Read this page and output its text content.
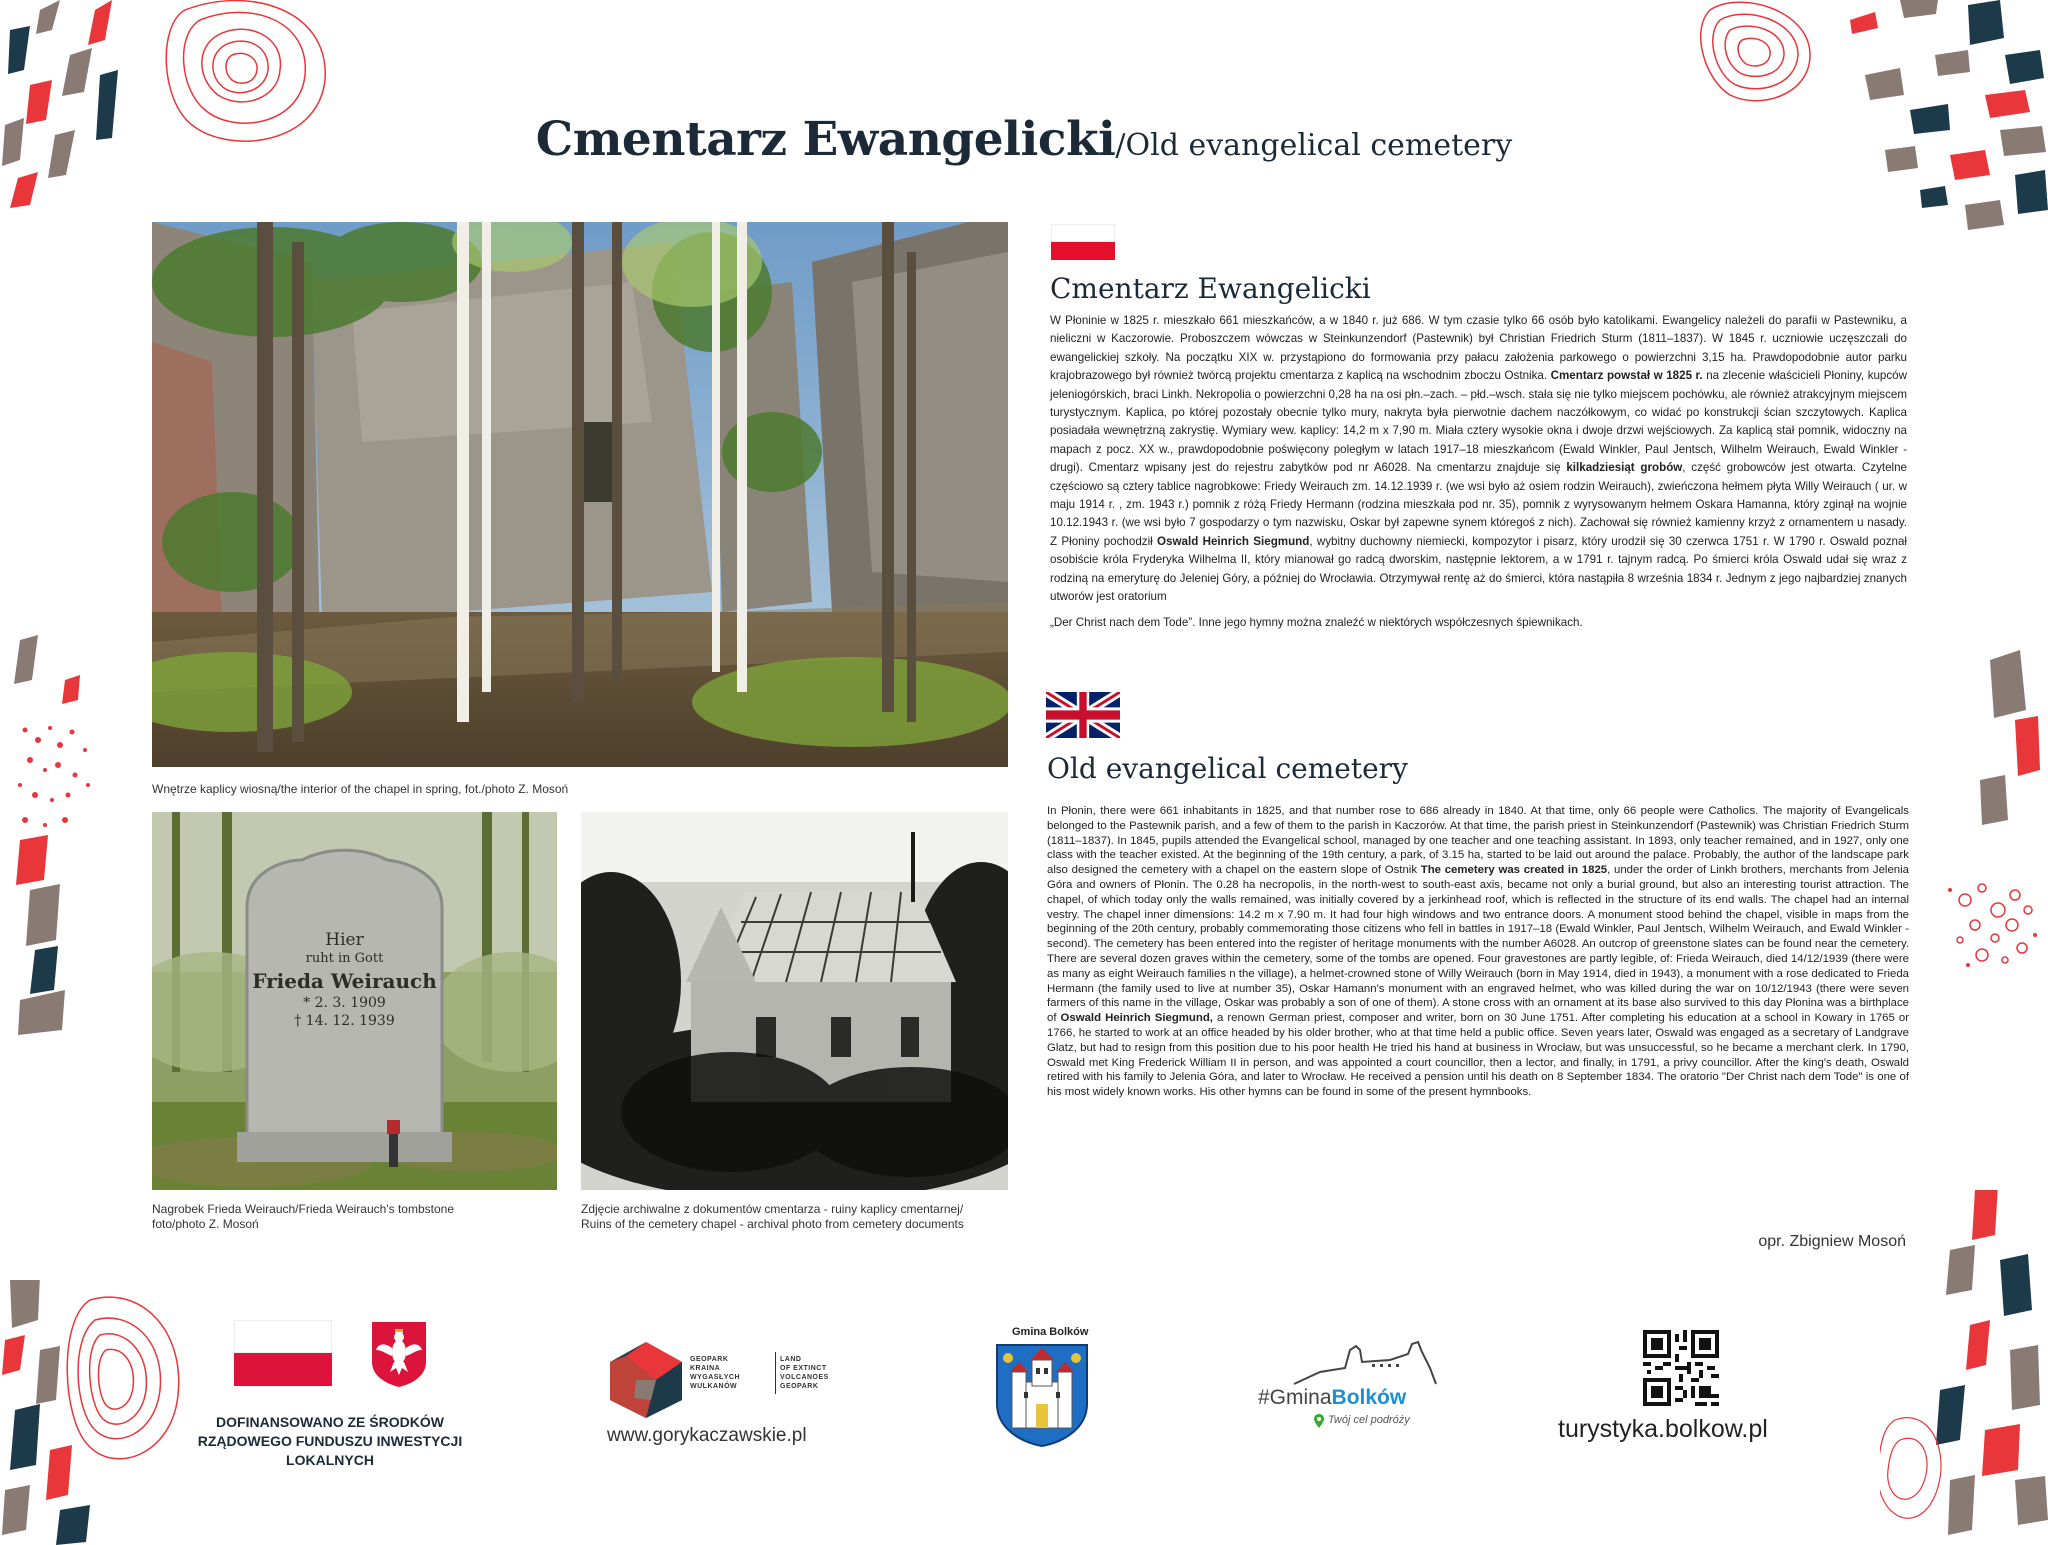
Cmentarz Ewangelicki/Old evangelical cemetery
Wnętrze kaplicy wiosną/the interior of the chapel in spring, fot./photo Z. Mosoń
Hier
ruht in Gott
Frieda Weirauch
* 2. 3. 1909
† 14. 12. 1939
Nagrobek Frieda Weirauch/Frieda Weirauch's tombstone
foto/photo Z. Mosoń
Zdjęcie archiwalne z dokumentów cmentarza - ruiny kaplicy cmentarnej/
Ruins of the cemetery chapel - archival photo from cemetery documents
Cmentarz Ewangelicki

W Płoninie w 1825 r. mieszkało 661 mieszkańców, a w 1840 r. już 686. W tym czasie tylko 66 osób było katolikami. Ewangelicy należeli do parafii w Pastewniku, a nieliczni w Kaczorowie. Proboszczem wówczas w Steinkunzendorf (Pastewnik) był Christian Friedrich Sturm (1811–1837). W 1845 r. uczniowie uczęszczali do ewangelickiej szkoły. Na początku XIX w. przystąpiono do formowania przy pałacu założenia parkowego o powierzchni 3,15 ha. Prawdopodobnie autor parku krajobrazowego był również twórcą projektu cmentarza z kaplicą na wschodnim zboczu Ostnika. Cmentarz powstał w 1825 r. na zlecenie właścicieli Płoniny, kupców jeleniogórskich, braci Linkh. Nekropolia o powierzchni 0,28 ha na osi płn.–zach. – płd.–wsch. stała się nie tylko miejscem pochówku, ale również atrakcyjnym miejscem turystycznym. Kaplica, po której pozostały obecnie tylko mury, nakryta była pierwotnie dachem naczółkowym, co widać po konstrukcji ścian szczytowych. Kaplica posiadała wewnętrzną zakrystię. Wymiary wew. kaplicy: 14,2 m x 7,90 m. Miała cztery wysokie okna i dwoje drzwi wejściowych. Za kaplicą stał pomnik, widoczny na mapach z pocz. XX w., prawdopodobnie poświęcony poległym w latach 1917–18 mieszkańcom (Ewald Winkler, Paul Jentsch, Wilhelm Weirauch, Ewald Winkler - drugi). Cmentarz wpisany jest do rejestru zabytków pod nr A6028. Na cmentarzu znajduje się kilkadziesiąt grobów, część grobowców jest otwarta. Czytelne częściowo są cztery tablice nagrobkowe: Friedy Weirauch zm. 14.12.1939 r. (we wsi było aż osiem rodzin Weirauch), zwieńczona hełmem płyta Willy Weirauch ( ur. w maju 1914 r. , zm. 1943 r.) pomnik z różą Friedy Hermann (rodzina mieszkała pod nr. 35), pomnik z wyrysowanym hełmem Oskara Hamanna, który zginął na wojnie 10.12.1943 r. (we wsi było 7 gospodarzy o tym nazwisku, Oskar był zapewne synem któregoś z nich). Zachował się również kamienny krzyż z ornamentem u nasady. Z Płoniny pochodził Oswald Heinrich Siegmund, wybitny duchowny niemiecki, kompozytor i pisarz, który urodził się 30 czerwca 1751 r. W 1790 r. Oswald poznał osobiście króla Fryderyka Wilhelma II, który mianował go radcą dworskim, następnie lektorem, a w 1791 r. tajnym radcą. Po śmierci króla Oswald udał się wraz z rodziną na emeryturę do Jeleniej Góry, a później do Wrocławia. Otrzymywał rentę aż do śmierci, która nastąpiła 8 września 1834 r. Jednym z jego najbardziej znanych utworów jest oratorium

„Der Christ nach dem Tode”. Inne jego hymny można znaleźć w niektórych współczesnych śpiewnikach.

Old evangelical cemetery

In Płonin, there were 661 inhabitants in 1825, and that number rose to 686 already in 1840. At that time, only 66 people were Catholics. The majority of Evangelicals belonged to the Pastewnik parish, and a few of them to the parish in Kaczorów. At that time, the parish priest in Steinkunzendorf (Pastewnik) was Christian Friedrich Sturm (1811–1837). In 1845, pupils attended the Evangelical school, managed by one teacher and one teaching assistant. In 1893, only teacher remained, and in 1927, only one class with the teacher existed. At the beginning of the 19th century, a park, of 3.15 ha, started to be laid out around the palace. Probably, the author of the landscape park also designed the cemetery with a chapel on the eastern slope of Ostnik The cemetery was created in 1825, under the order of Linkh brothers, merchants from Jelenia Góra and owners of Płonin. The 0.28 ha necropolis, in the north-west to south-east axis, became not only a burial ground, but also an interesting tourist attraction. The chapel, of which today only the walls remained, was initially covered by a jerkinhead roof, which is reflected in the structure of its end walls. The chapel had an internal vestry. The chapel inner dimensions: 14.2 m x 7.90 m. It had four high windows and two entrance doors. A monument stood behind the chapel, visible in maps from the beginning of the 20th century, probably commemorating those citizens who fell in battles in 1917–18 (Ewald Winkler, Paul Jentsch, Wilhelm Weirauch, and Ewald Winkler - second). The cemetery has been entered into the register of heritage monuments with the number A6028. An outcrop of greenstone slates can be found near the cemetery. There are several dozen graves within the cemetery, some of the tombs are opened. Four gravestones are partly legible, of: Frieda Weirauch, died 14/12/1939 (there were as many as eight Weirauch families n the village), a helmet-crowned stone of Willy Weirauch (born in May 1914, died in 1943), a monument with a rose dedicated to Frieda Hermann (the family used to live at number 35), Oskar Hamann's monument with an engraved helmet, who was killed during the war on 10/12/1943 (there were seven farmers of this name in the village, Oskar was probably a son of one of them). A stone cross with an ornament at its base also survived to this day Płonina was a birthplace of Oswald Heinrich Siegmund, a renown German priest, composer and writer, born on 30 June 1751. After completing his education at a school in Kowary in 1765 or 1766, he started to work at an office headed by his older brother, who at that time held a public office. Seven years later, Oswald was engaged as a secretary of Landgrave Glatz, but had to resign from this position due to his poor health He tried his hand at business in Wrocław, but was unsuccessful, so he became a merchant clerk. In 1790, Oswald met King Frederick William II in person, and was appointed a court councillor, then a lector, and finally, in 1791, a privy councillor. After the king's death, Oswald retired with his family to Jelenia Góra, and later to Wrocław. He received a pension until his death on 8 September 1834. The oratorio "Der Christ nach dem Tode" is one of his most widely known works. His other hymns can be found in some of the present hymnbooks.

opr. Zbigniew Mosoń
DOFINANSOWANO ZE ŚRODKÓW RZĄDOWEGO FUNDUSZU INWESTYCJI LOKALNYCH
GEOPARK
KRAINA
WYGASŁYCH
WULKANÓW
LAND
OF EXTINCT
VOLCANOES
GEOPARK
www.gorykaczawskie.pl
Gmina Bolków
#GminaBolków
Twój cel podróży	turystyka.bolkow.pl
